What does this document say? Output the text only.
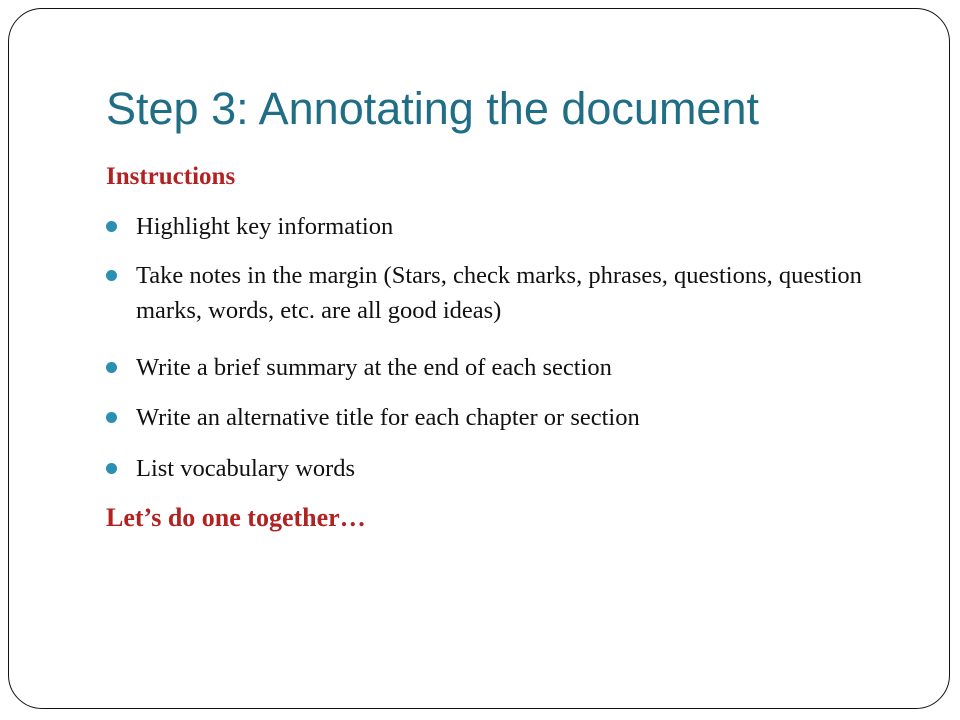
Step 3: Annotating the document
Instructions
Highlight key information
Take notes in the margin (Stars, check marks, phrases, questions, question marks, words, etc. are all good ideas)
Write a brief summary at the end of each section
Write an alternative title for each chapter or section
List vocabulary words
Let’s do one together…
